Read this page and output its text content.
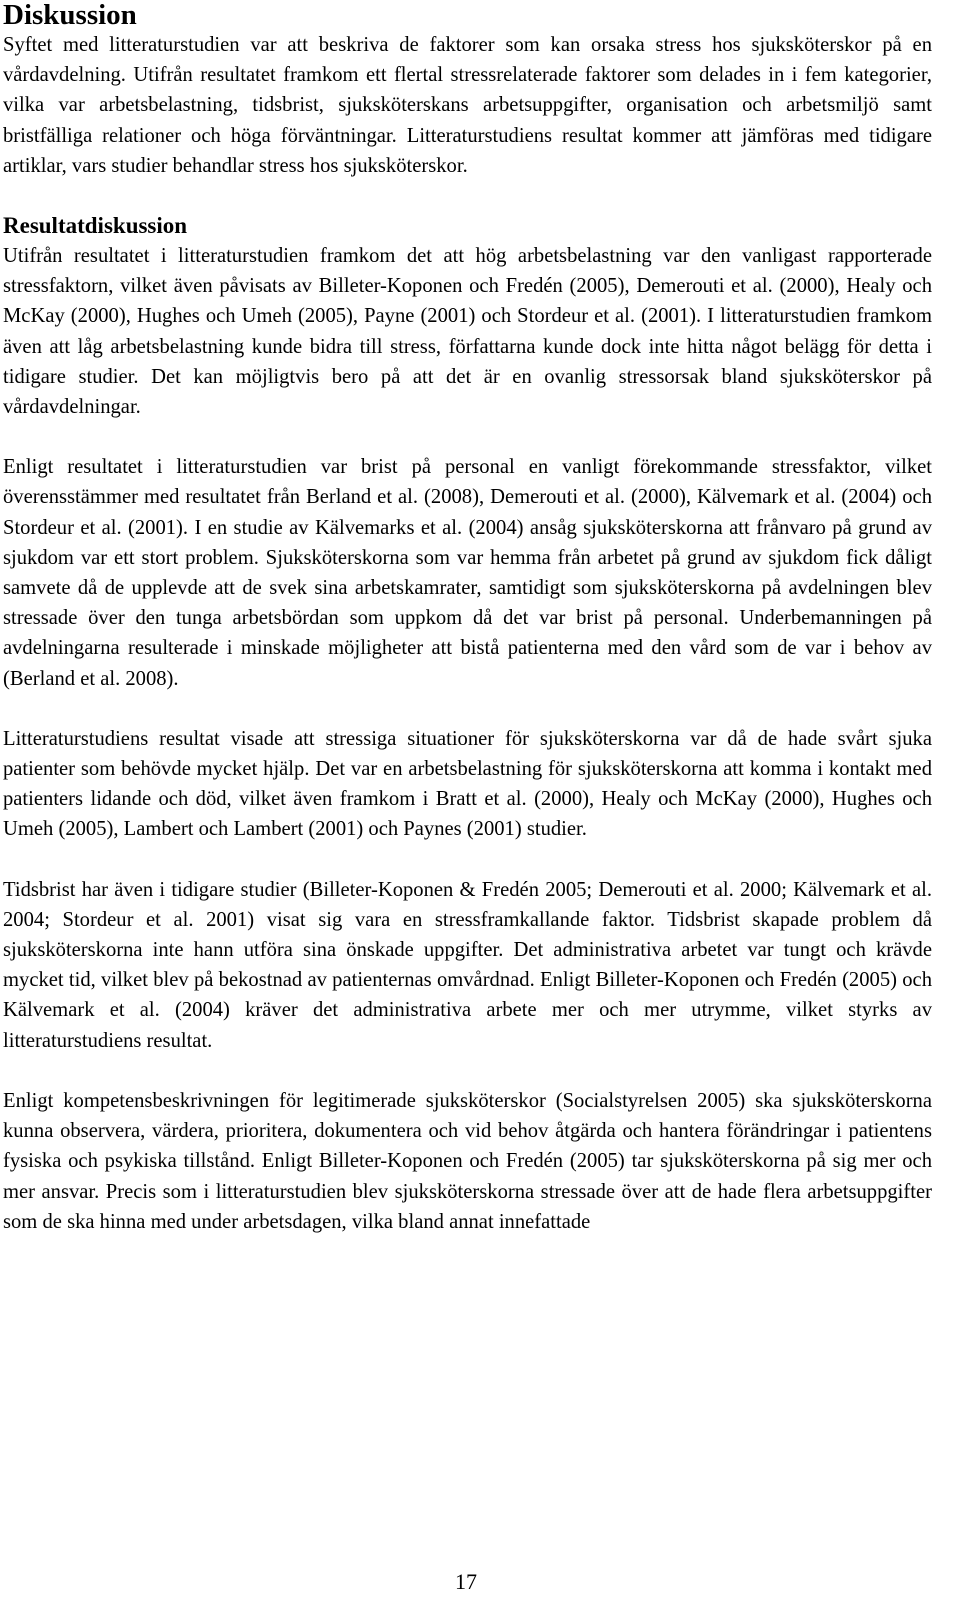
Diskussion

Syftet med litteraturstudien var att beskriva de faktorer som kan orsaka stress hos sjuksköterskor på en vårdavdelning. Utifrån resultatet framkom ett flertal stressrelaterade faktorer som delades in i fem kategorier, vilka var arbetsbelastning, tidsbrist, sjuksköterskans arbetsuppgifter, organisation och arbetsmiljö samt bristfälliga relationer och höga förväntningar. Litteraturstudiens resultat kommer att jämföras med tidigare artiklar, vars studier behandlar stress hos sjuksköterskor.

Resultatdiskussion

Utifrån resultatet i litteraturstudien framkom det att hög arbetsbelastning var den vanligast rapporterade stressfaktorn, vilket även påvisats av Billeter-Koponen och Fredén (2005), Demerouti et al. (2000), Healy och McKay (2000), Hughes och Umeh (2005), Payne (2001) och Stordeur et al. (2001). I litteraturstudien framkom även att låg arbetsbelastning kunde bidra till stress, författarna kunde dock inte hitta något belägg för detta i tidigare studier. Det kan möjligtvis bero på att det är en ovanlig stressorsak bland sjuksköterskor på vårdavdelningar.

Enligt resultatet i litteraturstudien var brist på personal en vanligt förekommande stressfaktor, vilket överensstämmer med resultatet från Berland et al. (2008), Demerouti et al. (2000), Kälvemark et al. (2004) och Stordeur et al. (2001). I en studie av Kälvemarks et al. (2004) ansåg sjuksköterskorna att frånvaro på grund av sjukdom var ett stort problem. Sjuksköterskorna som var hemma från arbetet på grund av sjukdom fick dåligt samvete då de upplevde att de svek sina arbetskamrater, samtidigt som sjuksköterskorna på avdelningen blev stressade över den tunga arbetsbördan som uppkom då det var brist på personal. Underbemanningen på avdelningarna resulterade i minskade möjligheter att bistå patienterna med den vård som de var i behov av (Berland et al. 2008).

Litteraturstudiens resultat visade att stressiga situationer för sjuksköterskorna var då de hade svårt sjuka patienter som behövde mycket hjälp. Det var en arbetsbelastning för sjuksköterskorna att komma i kontakt med patienters lidande och död, vilket även framkom i Bratt et al. (2000), Healy och McKay (2000), Hughes och Umeh (2005), Lambert och Lambert (2001) och Paynes (2001) studier.

Tidsbrist har även i tidigare studier (Billeter-Koponen & Fredén 2005; Demerouti et al. 2000; Kälvemark et al. 2004; Stordeur et al. 2001) visat sig vara en stressframkallande faktor. Tidsbrist skapade problem då sjuksköterskorna inte hann utföra sina önskade uppgifter. Det administrativa arbetet var tungt och krävde mycket tid, vilket blev på bekostnad av patienternas omvårdnad. Enligt Billeter-Koponen och Fredén (2005) och Kälvemark et al. (2004) kräver det administrativa arbete mer och mer utrymme, vilket styrks av litteraturstudiens resultat.

Enligt kompetensbeskrivningen för legitimerade sjuksköterskor (Socialstyrelsen 2005) ska sjuksköterskorna kunna observera, värdera, prioritera, dokumentera och vid behov åtgärda och hantera förändringar i patientens fysiska och psykiska tillstånd. Enligt Billeter-Koponen och Fredén (2005) tar sjuksköterskorna på sig mer och mer ansvar. Precis som i litteraturstudien blev sjuksköterskorna stressade över att de hade flera arbetsuppgifter som de ska hinna med under arbetsdagen, vilka bland annat innefattade

17
